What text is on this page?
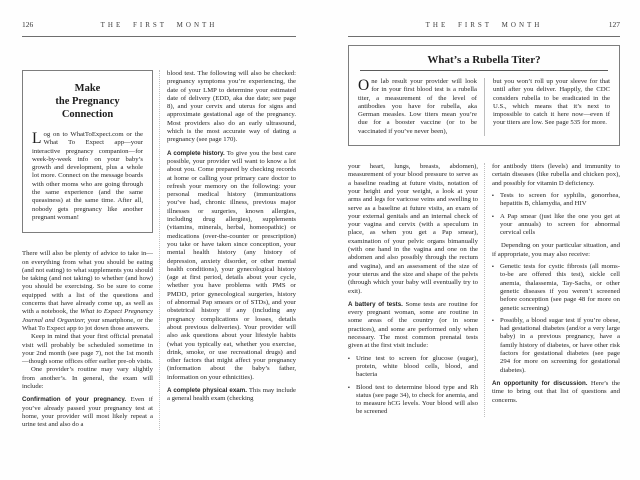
126	THE FIRST MONTH
Make
the Pregnancy
Connection

Log on to WhatToExpect.com or the What To Expect app—your interactive pregnancy companion—for week-by-week info on your baby’s growth and development, plus a whole lot more. Connect on the message boards with other moms who are going through the same experience (and the same queasiness) at the same time. After all, nobody gets pregnancy like another pregnant woman!

There will also be plenty of advice to take in—on everything from what you should be eating (and not eating) to what supplements you should be taking (and not taking) to whether (and how) you should be exercising. So be sure to come equipped with a list of the questions and concerns that have already come up, as well as with a notebook, the What to Expect Pregnancy Journal and Organizer, your smartphone, or the What To Expect app to jot down those answers.

Keep in mind that your first official prenatal visit will probably be scheduled sometime in your 2nd month (see page 7), not the 1st month—though some offices offer earlier pre-ob visits.

One provider’s routine may vary slightly from another’s. In general, the exam will include:

Confirmation of your pregnancy. Even if you’ve already passed your pregnancy test at home, your provider will most likely repeat a urine test and also do a

blood test. The following will also be checked: pregnancy symptoms you’re experiencing, the date of your LMP to determine your estimated date of delivery (EDD, aka due date; see page 8), and your cervix and uterus for signs and approximate gestational age of the pregnancy. Most providers also do an early ultrasound, which is the most accurate way of dating a pregnancy (see page 170).

A complete history. To give you the best care possible, your provider will want to know a lot about you. Come prepared by checking records at home or calling your primary care doctor to refresh your memory on the following: your personal medical history (immunizations you’ve had, chronic illness, previous major illnesses or surgeries, known allergies, including drug allergies), supplements (vitamins, minerals, herbal, homeopathic) or medications (over-the-counter or prescription) you take or have taken since conception, your mental health history (any history of depression, anxiety disorder, or other mental health conditions), your gynecological history (age at first period, details about your cycle, whether you have problems with PMS or PMDD, prior gynecological surgeries, history of abnormal Pap smears or of STDs), and your obstetrical history if any (including any pregnancy complications or losses, details about previous deliveries). Your provider will also ask questions about your lifestyle habits (what you typically eat, whether you exercise, drink, smoke, or use recreational drugs) and other factors that might affect your pregnancy (information about the baby’s father, information on your ethnicities).

A complete physical exam. This may include a general health exam (checking

THE FIRST MONTH	127
What’s a Rubella Titer?

One lab result your provider will look for in your first blood test is a rubella titer, a measurement of the level of antibodies you have for rubella, aka German measles. Low titers mean you’re due for a booster vaccine (or to be vaccinated if you’ve never been),

but you won’t roll up your sleeve for that until after you deliver. Happily, the CDC considers rubella to be eradicated in the U.S., which means that it’s next to impossible to catch it here now—even if your titers are low. See page 535 for more.

your heart, lungs, breasts, abdomen), measurement of your blood pressure to serve as a baseline reading at future visits, notation of your height and your weight, a look at your arms and legs for varicose veins and swelling to serve as a baseline at future visits, an exam of your external genitals and an internal check of your vagina and cervix (with a speculum in place, as when you get a Pap smear), examination of your pelvic organs bimanually (with one hand in the vagina and one on the abdomen and also possibly through the rectum and vagina), and an assessment of the size of your uterus and the size and shape of the pelvis (through which your baby will eventually try to exit).

A battery of tests. Some tests are routine for every pregnant woman, some are routine in some areas of the country (or in some practices), and some are performed only when necessary. The most common prenatal tests given at the first visit include:

▪ Urine test to screen for glucose (sugar), protein, white blood cells, blood, and bacteria
▪ Blood test to determine blood type and Rh status (see page 34), to check for anemia, and to measure hCG levels. Your blood will also be screened

for antibody titers (levels) and immunity to certain diseases (like rubella and chicken pox), and possibly for vitamin D deficiency.

▪ Tests to screen for syphilis, gonorrhea, hepatitis B, chlamydia, and HIV
▪ A Pap smear (just like the one you get at your annuals) to screen for abnormal cervical cells

Depending on your particular situation, and if appropriate, you may also receive:

▪ Genetic tests for cystic fibrosis (all moms-to-be are offered this test), sickle cell anemia, thalassemia, Tay-Sachs, or other genetic diseases if you weren’t screened before conception (see page 48 for more on genetic screening)
▪ Possibly, a blood sugar test if you’re obese, had gestational diabetes (and/or a very large baby) in a previous pregnancy, have a family history of diabetes, or have other risk factors for gestational diabetes (see page 294 for more on screening for gestational diabetes).

An opportunity for discussion. Here’s the time to bring out that list of questions and concerns.
